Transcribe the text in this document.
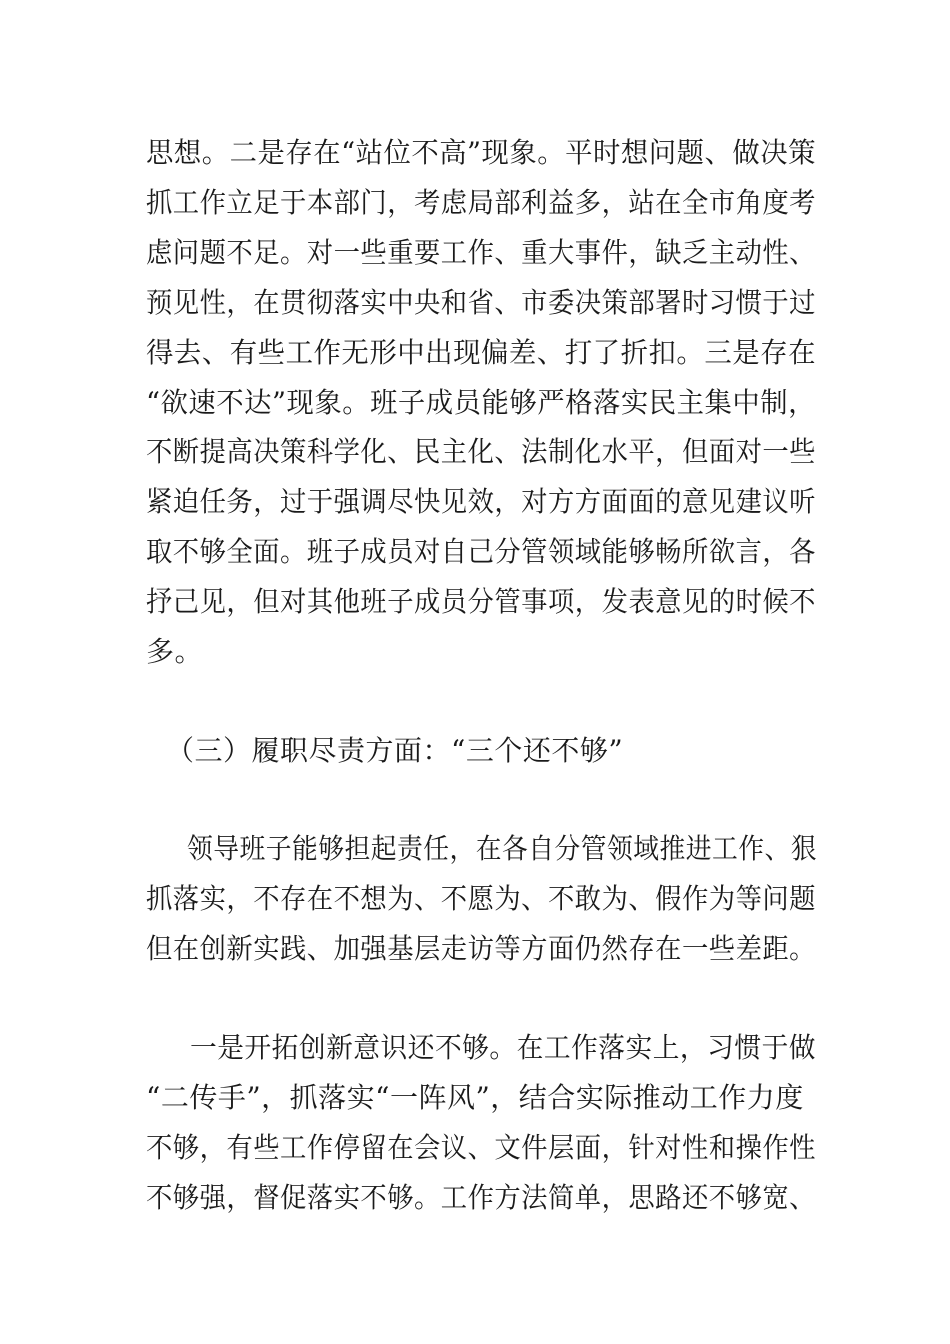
思想。二是存在“站位不高”现象。平时想问题、做决策
抓工作立足于本部门，考虑局部利益多，站在全市角度考
虑问题不足。对一些重要工作、重大事件，缺乏主动性、
预见性，在贯彻落实中央和省、市委决策部署时习惯于过
得去、有些工作无形中出现偏差、打了折扣。三是存在
“欲速不达”现象。班子成员能够严格落实民主集中制，
不断提高决策科学化、民主化、法制化水平，但面对一些
紧迫任务，过于强调尽快见效，对方方面面的意见建议听
取不够全面。班子成员对自己分管领域能够畅所欲言，各
抒己见，但对其他班子成员分管事项，发表意见的时候不
多。
（三）履职尽责方面：“三个还不够”
领导班子能够担起责任，在各自分管领域推进工作、狠
抓落实，不存在不想为、不愿为、不敢为、假作为等问题
但在创新实践、加强基层走访等方面仍然存在一些差距。
一是开拓创新意识还不够。在工作落实上，习惯于做
“二传手”，抓落实“一阵风”，结合实际推动工作力度
不够，有些工作停留在会议、文件层面，针对性和操作性
不够强，督促落实不够。工作方法简单，思路还不够宽、
